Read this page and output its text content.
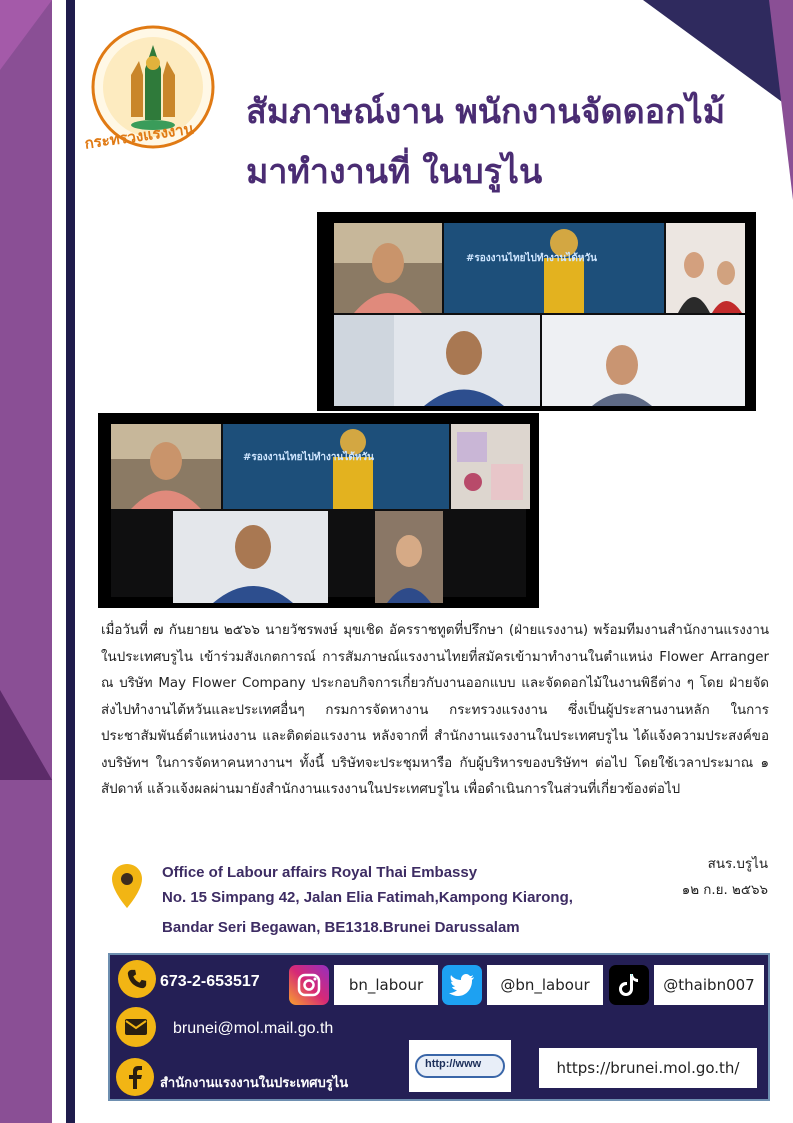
กระทรวงแรงงาน
สัมภาษณ์งาน พนักงานจัดดอกไม้
มาทำงานที่ ในบรูไน
#รองงานไทยไปทำงานได้หวัน
#รองงานไทยไปทำงานได้หวัน

เมื่อวันที่ ๗ กันยายน ๒๕๖๖ นายวัชรพงษ์ มุขเชิด อัครราชทูตที่ปรึกษา (ฝ่ายแรงงาน) พร้อมทีมงานสำนักงานแรงงานในประเทศบรูไน เข้าร่วมสังเกตการณ์ การสัมภาษณ์แรงงานไทยที่สมัครเข้ามาทำงานในตำแหน่ง Flower Arranger ณ บริษัท May Flower Company ประกอบกิจการเกี่ยวกับงานออกแบบ และจัดดอกไม้ในงานพิธีต่าง ๆ โดย ฝ่ายจัดส่งไปทำงานไต้หวันและประเทศอื่นๆ กรมการจัดหางาน กระทรวงแรงงาน ซึ่งเป็นผู้ประสานงานหลัก ในการประชาสัมพันธ์ตำแหน่งงาน และติดต่อแรงงาน หลังจากที่ สำนักงานแรงงานในประเทศบรูไน ได้แจ้งความประสงค์ของบริษัทฯ ในการจัดหาคนหางานฯ ทั้งนี้ บริษัทจะประชุมหารือ กับผู้บริหารของบริษัทฯ ต่อไป โดยใช้เวลาประมาณ ๑ สัปดาห์ แล้วแจ้งผลผ่านมายังสำนักงานแรงงานในประเทศบรูไน เพื่อดำเนินการในส่วนที่เกี่ยวข้องต่อไป

สนร.บรูไน
๑๒ ก.ย. ๒๕๖๖
Office of Labour affairs Royal Thai Embassy
No. 15 Simpang 42, Jalan Elia Fatimah,Kampong Kiarong,
Bandar Seri Begawan, BE1318.Brunei Darussalam
673-2-653517	bn_labour	@bn_labour	@thaibn007
brunei@mol.mail.go.th
สำนักงานแรงงานในประเทศบรูไน
http://www	https://brunei.mol.go.th/
